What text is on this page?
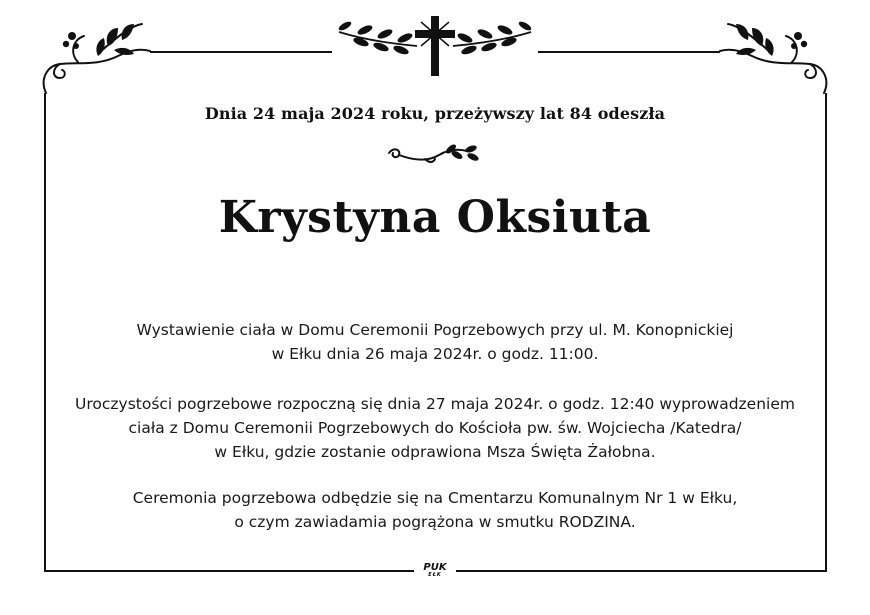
Dnia 24 maja 2024 roku, przeżywszy lat 84 odeszła
Krystyna Oksiuta
Wystawienie ciała w Domu Ceremonii Pogrzebowych przy ul. M. Konopnickiej
w Ełku dnia 26 maja 2024r. o godz. 11:00.
Uroczystości pogrzebowe rozpoczną się dnia 27 maja 2024r. o godz. 12:40 wyprowadzeniem
ciała z Domu Ceremonii Pogrzebowych do Kościoła pw. św. Wojciecha /Katedra/
w Ełku, gdzie zostanie odprawiona Msza Święta Żałobna.
Ceremonia pogrzebowa odbędzie się na Cmentarzu Komunalnym Nr 1 w Ełku,
o czym zawiadamia pogrążona w smutku RODZINA.
PUK
EŁK
